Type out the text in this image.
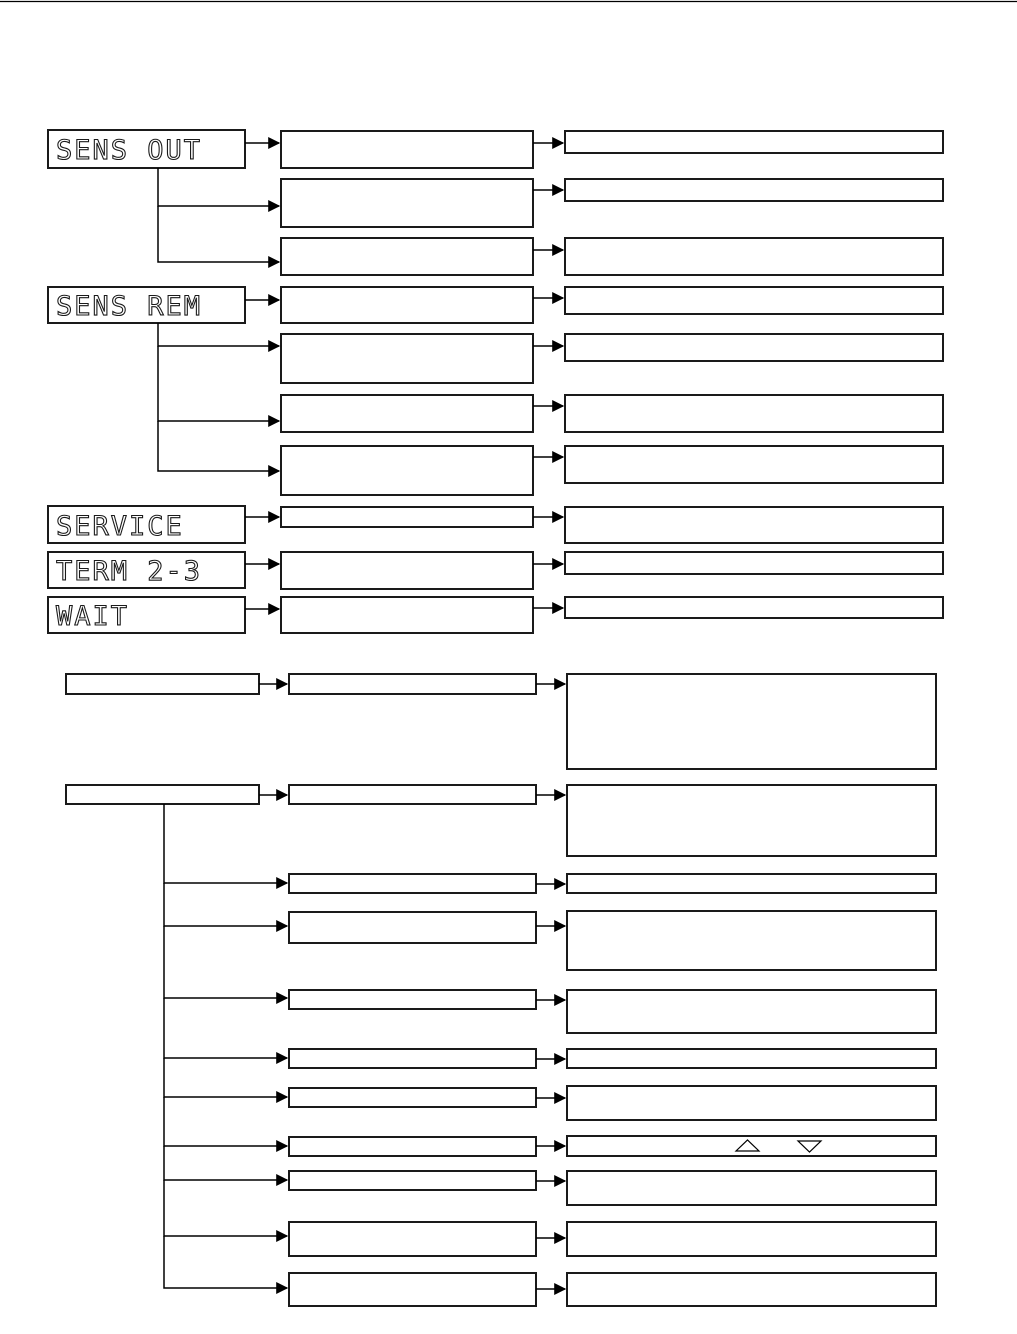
SENS OUT
SENS REM
SERVICE
TERM 2-3
WAIT
